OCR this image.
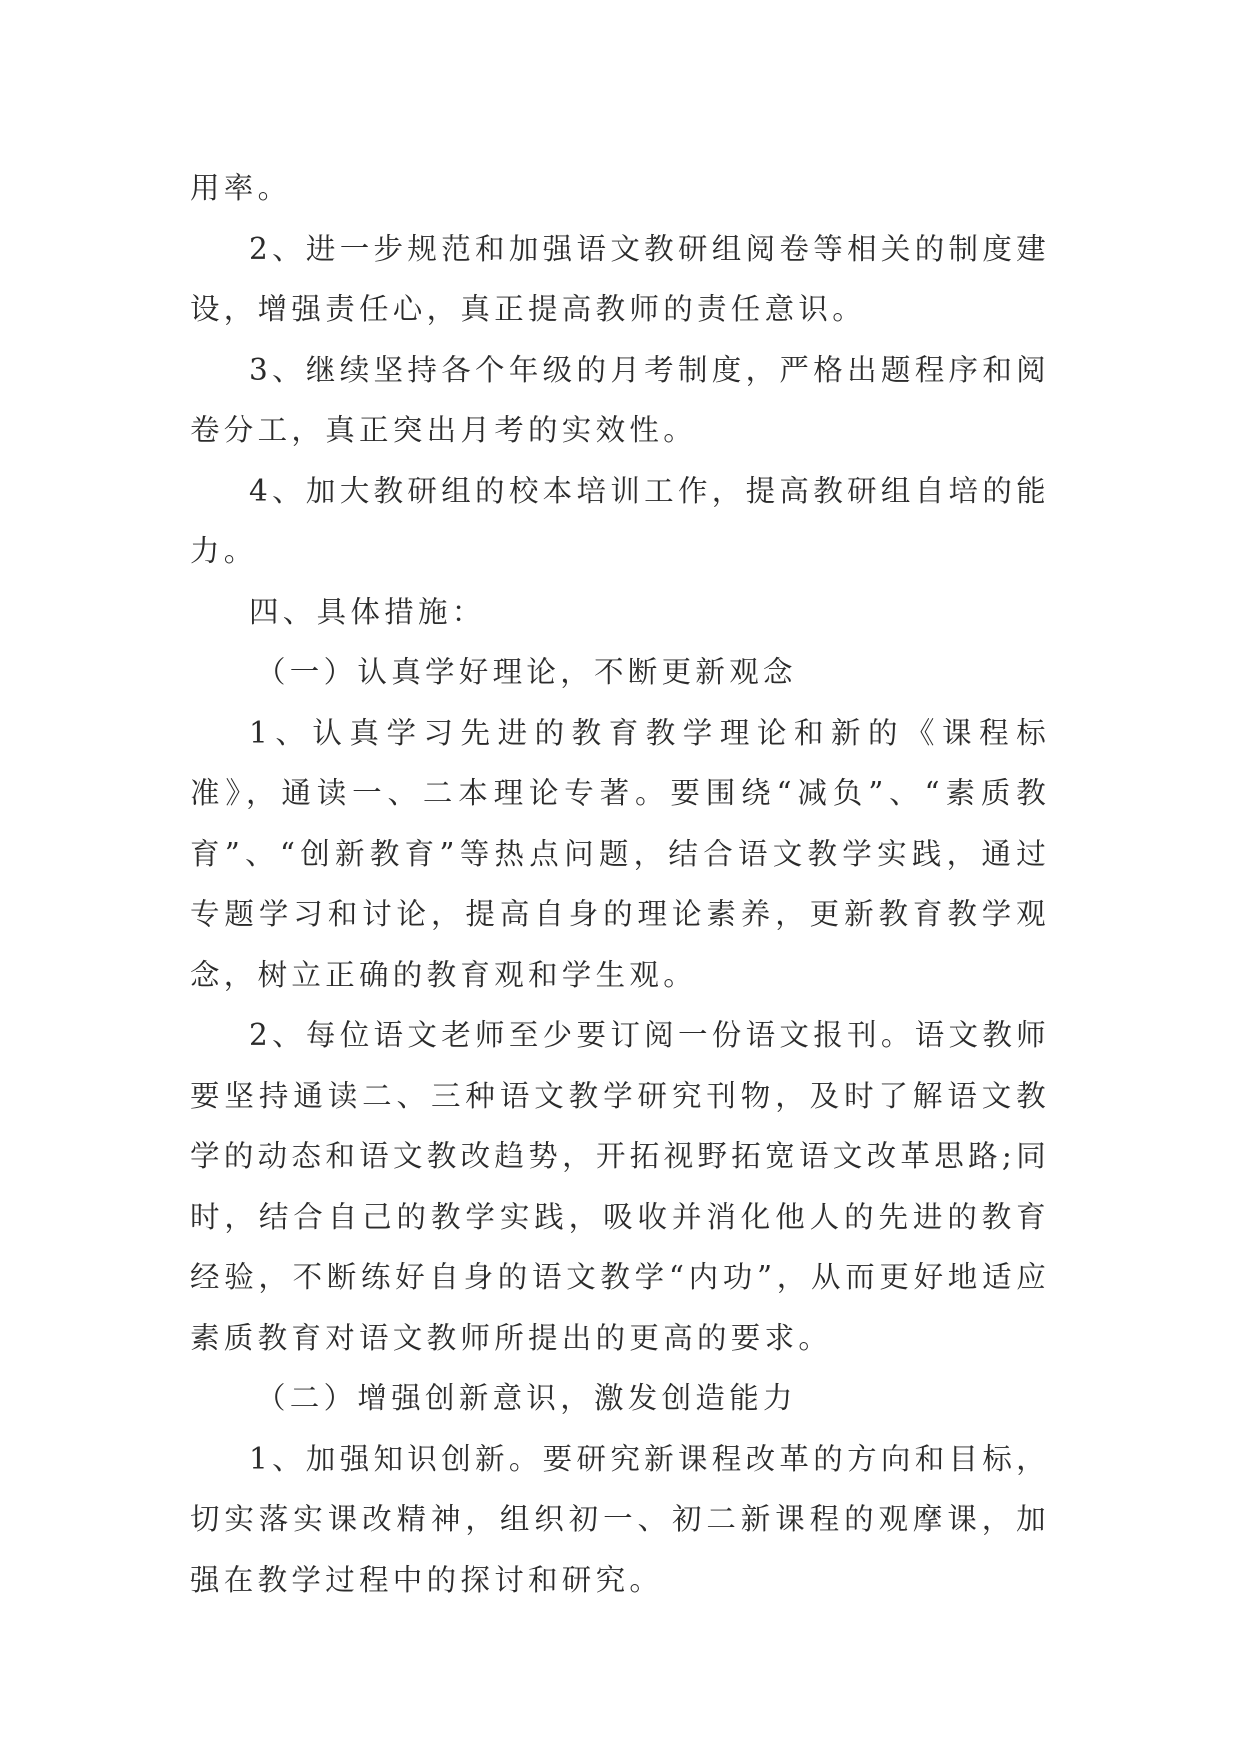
用率。

2、进一步规范和加强语文教研组阅卷等相关的制度建设，增强责任心，真正提高教师的责任意识。

3、继续坚持各个年级的月考制度，严格出题程序和阅卷分工，真正突出月考的实效性。

4、加大教研组的校本培训工作，提高教研组自培的能力。

四、具体措施：

（一）认真学好理论，不断更新观念

1、认真学习先进的教育教学理论和新的《课程标准》，通读一、二本理论专著。要围绕“减负”、“素质教育”、“创新教育”等热点问题，结合语文教学实践，通过专题学习和讨论，提高自身的理论素养，更新教育教学观念，树立正确的教育观和学生观。

2、每位语文老师至少要订阅一份语文报刊。语文教师要坚持通读二、三种语文教学研究刊物，及时了解语文教学的动态和语文教改趋势，开拓视野拓宽语文改革思路;同时，结合自己的教学实践，吸收并消化他人的先进的教育经验，不断练好自身的语文教学“内功”，从而更好地适应素质教育对语文教师所提出的更高的要求。

（二）增强创新意识，激发创造能力

1、加强知识创新。要研究新课程改革的方向和目标，切实落实课改精神，组织初一、初二新课程的观摩课，加强在教学过程中的探讨和研究。
